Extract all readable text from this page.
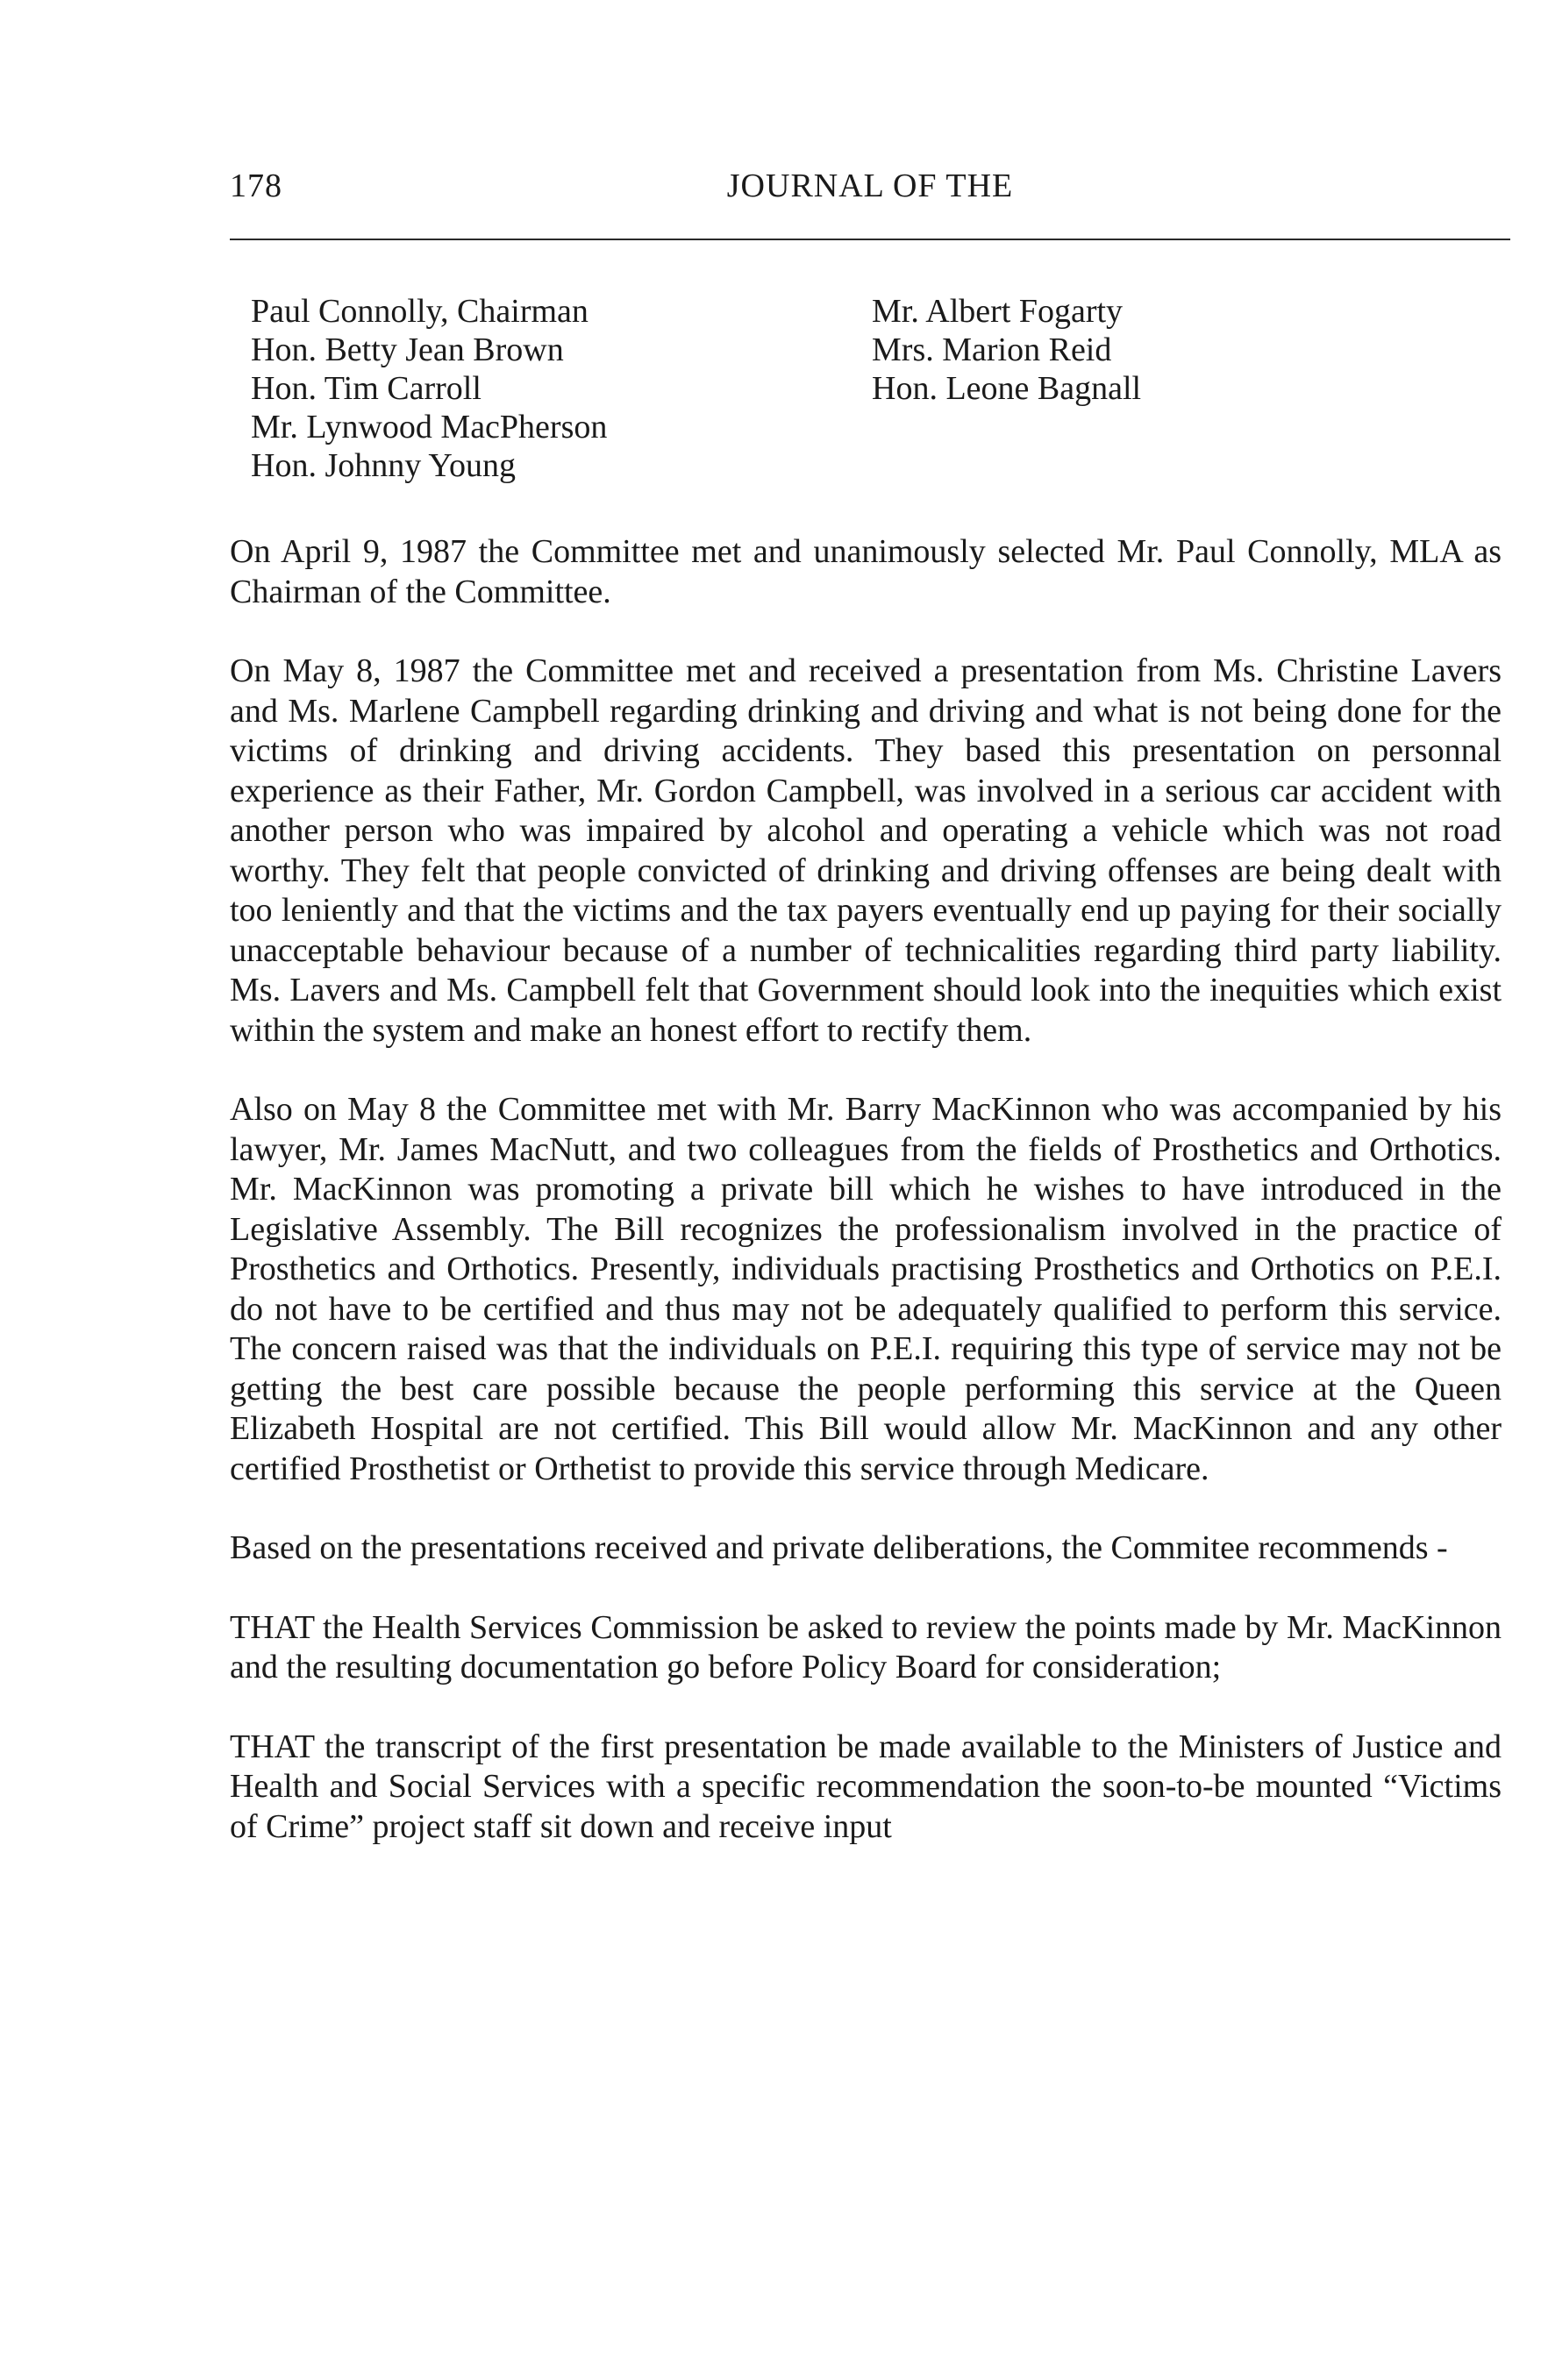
178	JOURNAL OF THE
Paul Connolly, Chairman
Hon. Betty Jean Brown
Hon. Tim Carroll
Mr. Lynwood MacPherson
Hon. Johnny Young
Mr. Albert Fogarty
Mrs. Marion Reid
Hon. Leone Bagnall

On April 9, 1987 the Committee met and unanimously selected Mr. Paul Connolly, MLA as Chairman of the Committee.

On May 8, 1987 the Committee met and received a presentation from Ms. Christine Lavers and Ms. Marlene Campbell regarding drinking and driving and what is not being done for the victims of drinking and driving accidents. They based this presentation on personnal experience as their Father, Mr. Gordon Campbell, was involved in a serious car accident with another person who was impaired by alcohol and operating a vehicle which was not road worthy. They felt that people convicted of drinking and driving offenses are being dealt with too leniently and that the victims and the tax payers eventually end up paying for their socially unacceptable behaviour because of a number of technicalities regarding third party liability. Ms. Lavers and Ms. Campbell felt that Government should look into the inequities which exist within the system and make an honest effort to rectify them.

Also on May 8 the Committee met with Mr. Barry MacKinnon who was accompanied by his lawyer, Mr. James MacNutt, and two colleagues from the fields of Prosthetics and Orthotics. Mr. MacKinnon was promoting a private bill which he wishes to have introduced in the Legislative Assembly. The Bill recognizes the professionalism involved in the practice of Prosthetics and Orthotics. Presently, individuals practising Prosthetics and Orthotics on P.E.I. do not have to be certified and thus may not be adequately qualified to perform this service. The concern raised was that the individuals on P.E.I. requiring this type of service may not be getting the best care possible because the people performing this service at the Queen Elizabeth Hospital are not certified. This Bill would allow Mr. MacKinnon and any other certified Prosthetist or Orthetist to provide this service through Medicare.

Based on the presentations received and private deliberations, the Commitee recommends -

THAT the Health Services Commission be asked to review the points made by Mr. MacKinnon and the resulting documentation go before Policy Board for consideration;

THAT the transcript of the first presentation be made available to the Ministers of Justice and Health and Social Services with a specific recommendation the soon-to-be mounted “Victims of Crime” project staff sit down and receive input
